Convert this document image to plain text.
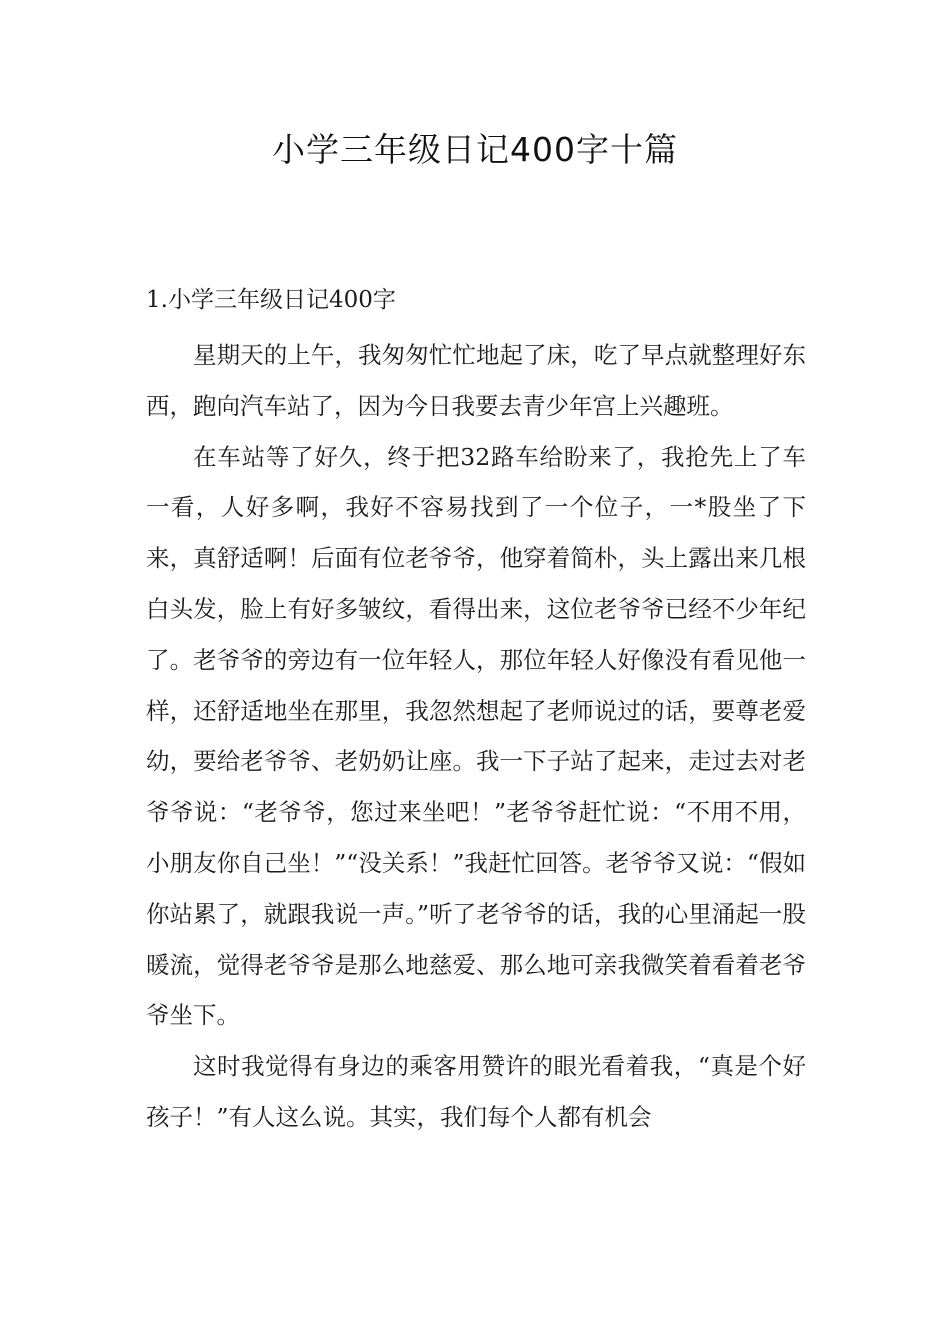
小学三年级日记400字十篇
1.小学三年级日记400字

星期天的上午，我匆匆忙忙地起了床，吃了早点就整理好东西，跑向汽车站了，因为今日我要去青少年宫上兴趣班。

在车站等了好久，终于把32路车给盼来了，我抢先上了车一看，人好多啊，我好不容易找到了一个位子，一*股坐了下来，真舒适啊！后面有位老爷爷，他穿着简朴，头上露出来几根白头发，脸上有好多皱纹，看得出来，这位老爷爷已经不少年纪了。老爷爷的旁边有一位年轻人，那位年轻人好像没有看见他一样，还舒适地坐在那里，我忽然想起了老师说过的话，要尊老爱幼，要给老爷爷、老奶奶让座。我一下子站了起来，走过去对老爷爷说：“老爷爷，您过来坐吧！”老爷爷赶忙说：“不用不用，小朋友你自己坐！”“没关系！”我赶忙回答。老爷爷又说：“假如你站累了，就跟我说一声。”听了老爷爷的话，我的心里涌起一股暖流，觉得老爷爷是那么地慈爱、那么地可亲我微笑着看着老爷爷坐下。

这时我觉得有身边的乘客用赞许的眼光看着我，“真是个好孩子！”有人这么说。其实，我们每个人都有机会
